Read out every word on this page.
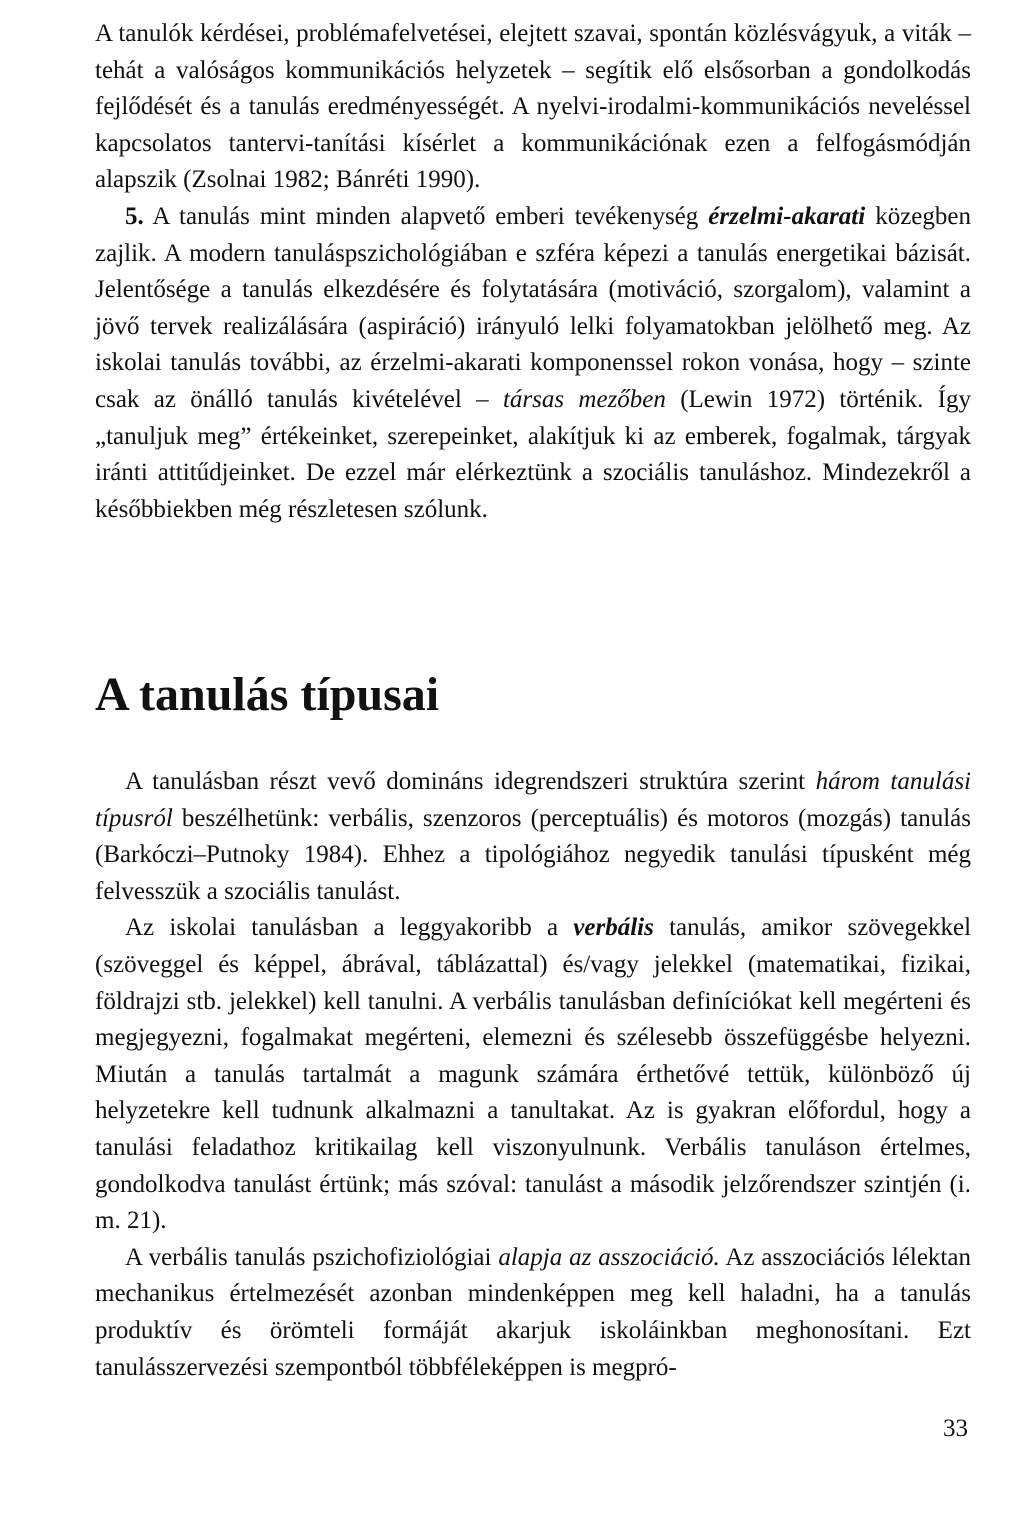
A tanulók kérdései, problémafelvetései, elejtett szavai, spontán közlésvágyuk, a viták – tehát a valóságos kommunikációs helyzetek – segítik elő elsősorban a gondolkodás fejlődését és a tanulás eredményességét. A nyelvi-irodalmi-kommunikációs neveléssel kapcsolatos tantervi-tanítási kísérlet a kommunikációnak ezen a felfogásmódján alapszik (Zsolnai 1982; Bánréti 1990).

5. A tanulás mint minden alapvető emberi tevékenység érzelmi-akarati közegben zajlik. A modern tanuláspszichológiában e szféra képezi a tanulás energetikai bázisát. Jelentősége a tanulás elkezdésére és folytatására (motiváció, szorgalom), valamint a jövő tervek realizálására (aspiráció) irányuló lelki folyamatokban jelölhető meg. Az iskolai tanulás további, az érzelmi-akarati komponenssel rokon vonása, hogy – szinte csak az önálló tanulás kivételével – társas mezőben (Lewin 1972) történik. Így „tanuljuk meg” értékeinket, szerepeinket, alakítjuk ki az emberek, fogalmak, tárgyak iránti attitűdjeinket. De ezzel már elérkeztünk a szociális tanuláshoz. Mindezekről a későbbiekben még részletesen szólunk.

A tanulás típusai

A tanulásban részt vevő domináns idegrendszeri struktúra szerint három tanulási típusról beszélhetünk: verbális, szenzoros (perceptuális) és motoros (mozgás) tanulás (Barkóczi–Putnoky 1984). Ehhez a tipológiához negyedik tanulási típusként még felvesszük a szociális tanulást.

Az iskolai tanulásban a leggyakoribb a verbális tanulás, amikor szövegekkel (szöveggel és képpel, ábrával, táblázattal) és/vagy jelekkel (matematikai, fizikai, földrajzi stb. jelekkel) kell tanulni. A verbális tanulásban definíciókat kell megérteni és megjegyezni, fogalmakat megérteni, elemezni és szélesebb összefüggésbe helyezni. Miután a tanulás tartalmát a magunk számára érthetővé tettük, különböző új helyzetekre kell tudnunk alkalmazni a tanultakat. Az is gyakran előfordul, hogy a tanulási feladathoz kritikailag kell viszonyulnunk. Verbális tanuláson értelmes, gondolkodva tanulást értünk; más szóval: tanulást a második jelzőrendszer szintjén (i. m. 21).

A verbális tanulás pszichofiziológiai alapja az asszociáció. Az asszociációs lélektan mechanikus értelmezését azonban mindenképpen meg kell haladni, ha a tanulás produktív és örömteli formáját akarjuk iskoláinkban meghonosítani. Ezt tanulásszervezési szempontból többféleképpen is megpró-

33
